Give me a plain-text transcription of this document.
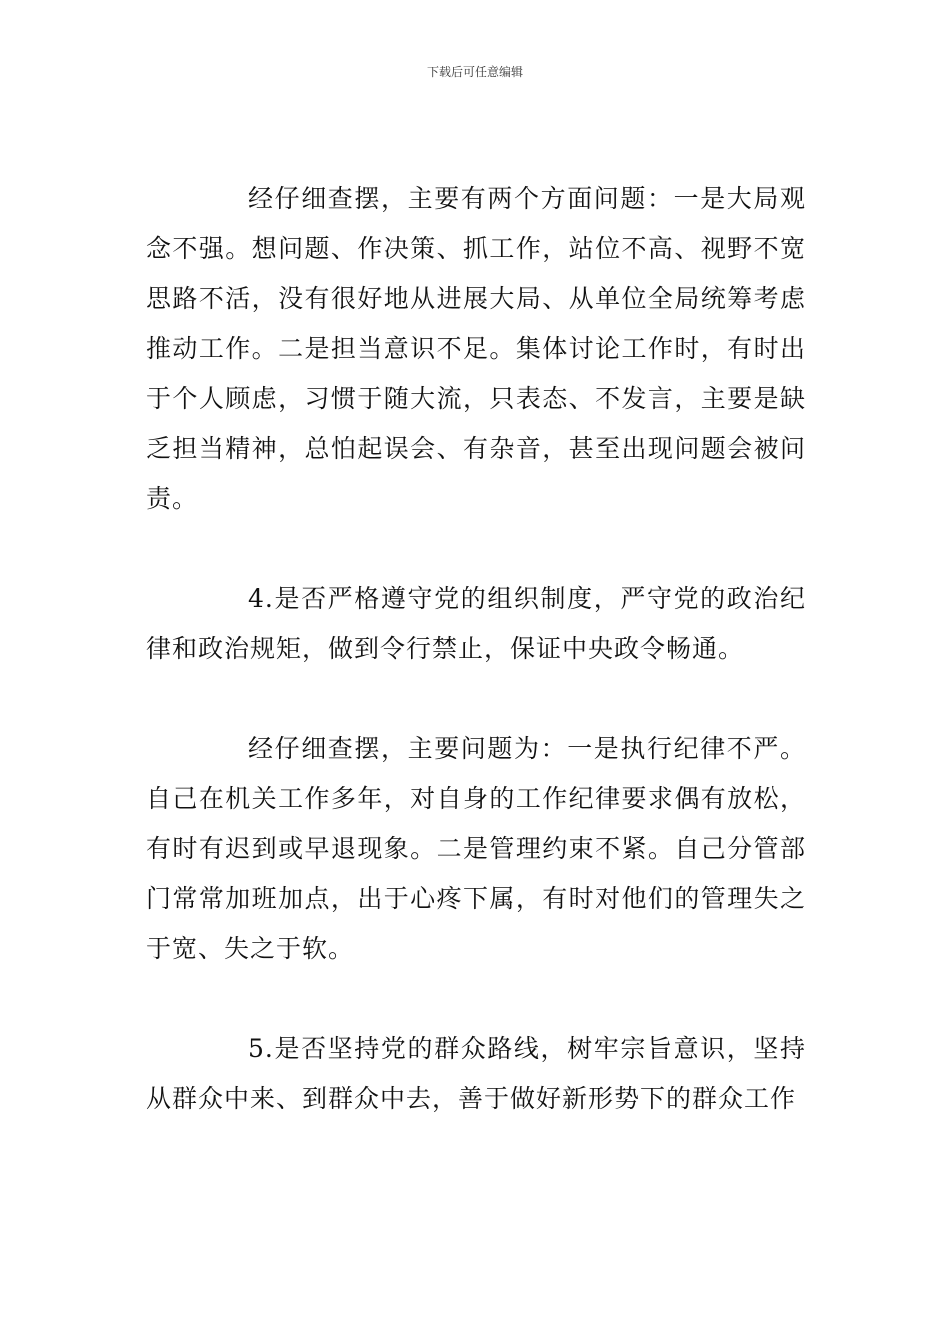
下载后可任意编辑

经仔细查摆，主要有两个方面问题：一是大局观念不强。想问题、作决策、抓工作，站位不高、视野不宽思路不活，没有很好地从进展大局、从单位全局统筹考虑推动工作。二是担当意识不足。集体讨论工作时，有时出于个人顾虑，习惯于随大流，只表态、不发言，主要是缺乏担当精神，总怕起误会、有杂音，甚至出现问题会被问责。

4.是否严格遵守党的组织制度，严守党的政治纪律和政治规矩，做到令行禁止，保证中央政令畅通。

经仔细查摆，主要问题为：一是执行纪律不严。自己在机关工作多年，对自身的工作纪律要求偶有放松，有时有迟到或早退现象。二是管理约束不紧。自己分管部门常常加班加点，出于心疼下属，有时对他们的管理失之于宽、失之于软。

5.是否坚持党的群众路线，树牢宗旨意识，坚持从群众中来、到群众中去，善于做好新形势下的群众工作
